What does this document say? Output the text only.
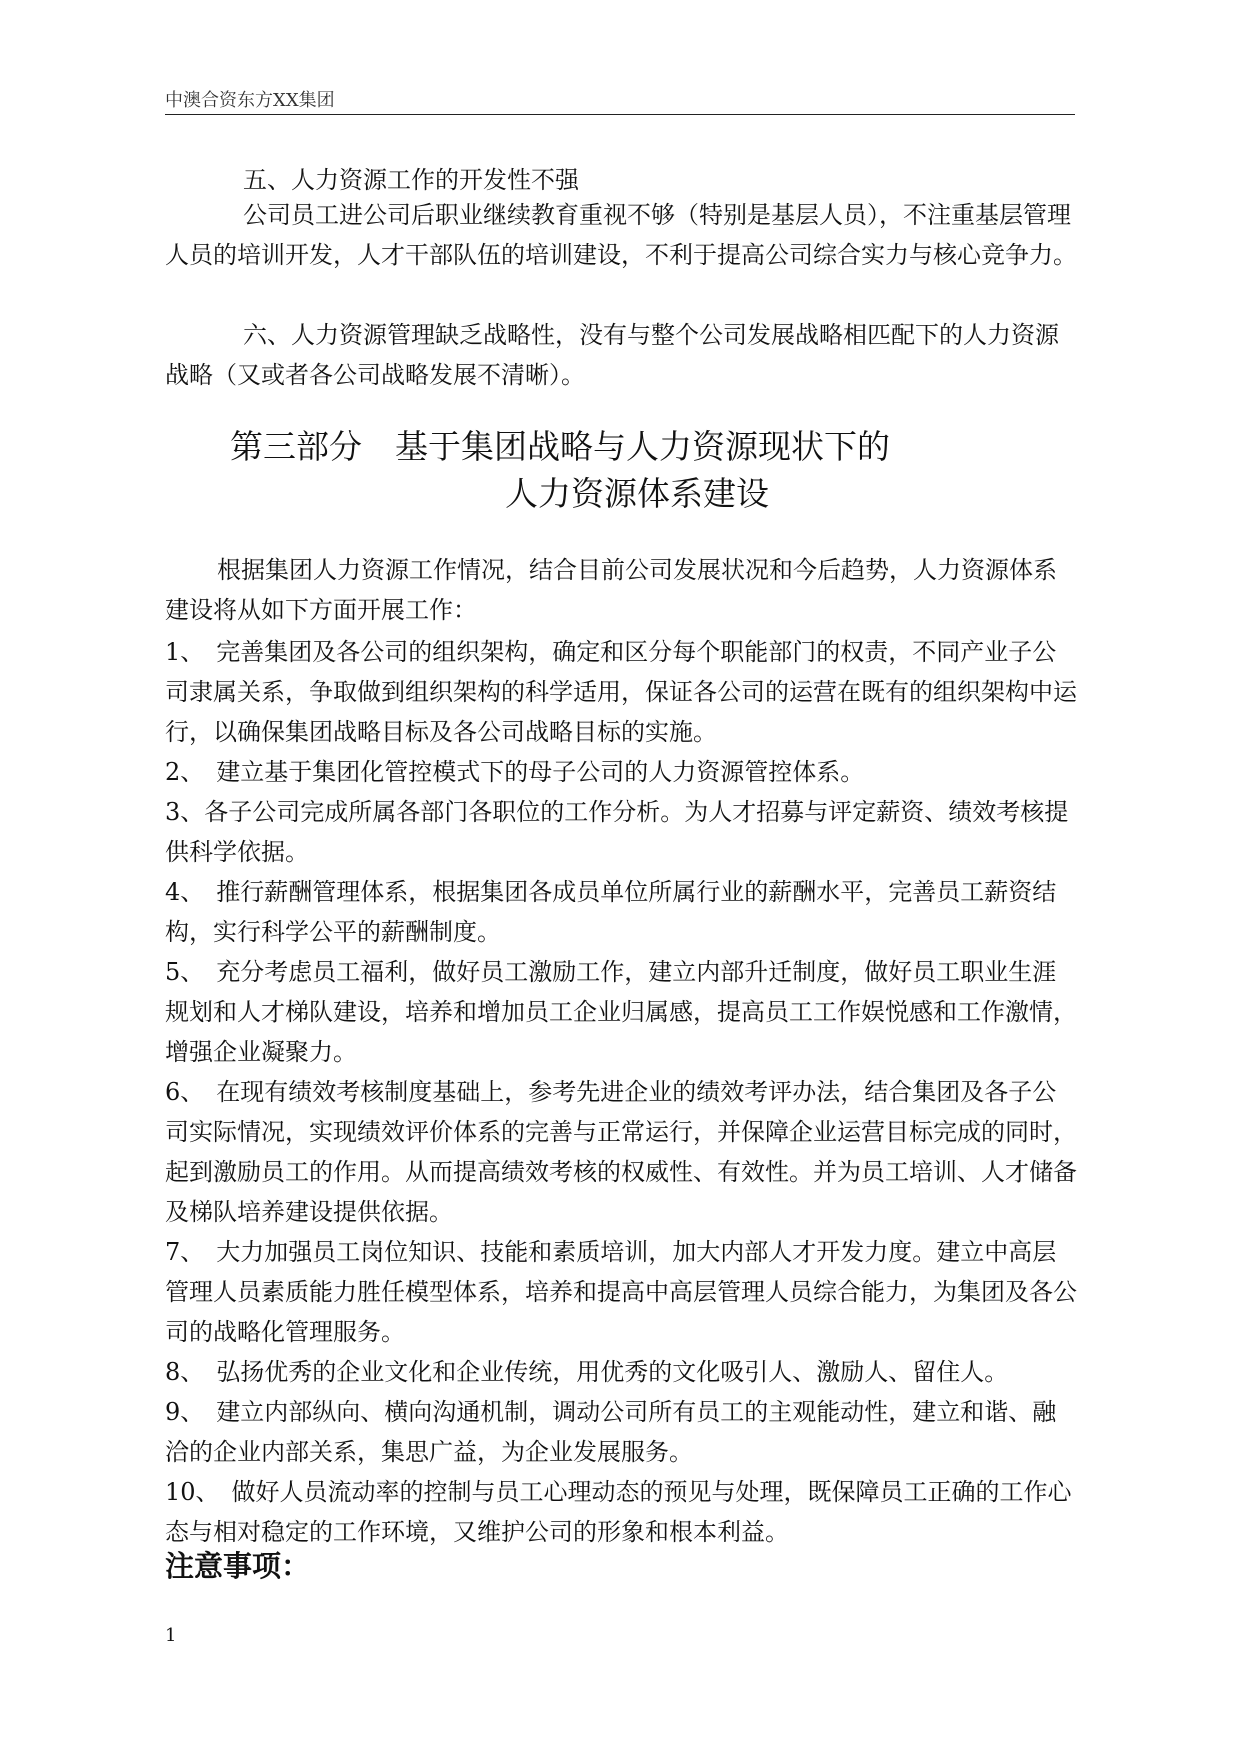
中澳合资东方XX集团

五、人力资源工作的开发性不强

公司员工进公司后职业继续教育重视不够（特别是基层人员），不注重基层管理人员的培训开发，人才干部队伍的培训建设，不利于提高公司综合实力与核心竞争力。

六、人力资源管理缺乏战略性，没有与整个公司发展战略相匹配下的人力资源战略（又或者各公司战略发展不清晰）。

第三部分　基于集团战略与人力资源现状下的
人力资源体系建设

根据集团人力资源工作情况，结合目前公司发展状况和今后趋势，人力资源体系建设将从如下方面开展工作：

1、　完善集团及各公司的组织架构，确定和区分每个职能部门的权责，不同产业子公司隶属关系，争取做到组织架构的科学适用，保证各公司的运营在既有的组织架构中运行，以确保集团战略目标及各公司战略目标的实施。

2、　建立基于集团化管控模式下的母子公司的人力资源管控体系。

3、各子公司完成所属各部门各职位的工作分析。为人才招募与评定薪资、绩效考核提供科学依据。

4、　推行薪酬管理体系，根据集团各成员单位所属行业的薪酬水平，完善员工薪资结构，实行科学公平的薪酬制度。

5、　充分考虑员工福利，做好员工激励工作，建立内部升迁制度，做好员工职业生涯规划和人才梯队建设，培养和增加员工企业归属感，提高员工工作娱悦感和工作激情，增强企业凝聚力。

6、　在现有绩效考核制度基础上，参考先进企业的绩效考评办法，结合集团及各子公司实际情况，实现绩效评价体系的完善与正常运行，并保障企业运营目标完成的同时，起到激励员工的作用。从而提高绩效考核的权威性、有效性。并为员工培训、人才储备及梯队培养建设提供依据。

7、　大力加强员工岗位知识、技能和素质培训，加大内部人才开发力度。建立中高层管理人员素质能力胜任模型体系，培养和提高中高层管理人员综合能力，为集团及各公司的战略化管理服务。

8、　弘扬优秀的企业文化和企业传统，用优秀的文化吸引人、激励人、留住人。

9、　建立内部纵向、横向沟通机制，调动公司所有员工的主观能动性，建立和谐、融洽的企业内部关系，集思广益，为企业发展服务。

10、　做好人员流动率的控制与员工心理动态的预见与处理，既保障员工正确的工作心态与相对稳定的工作环境，又维护公司的形象和根本利益。

注意事项：
1
